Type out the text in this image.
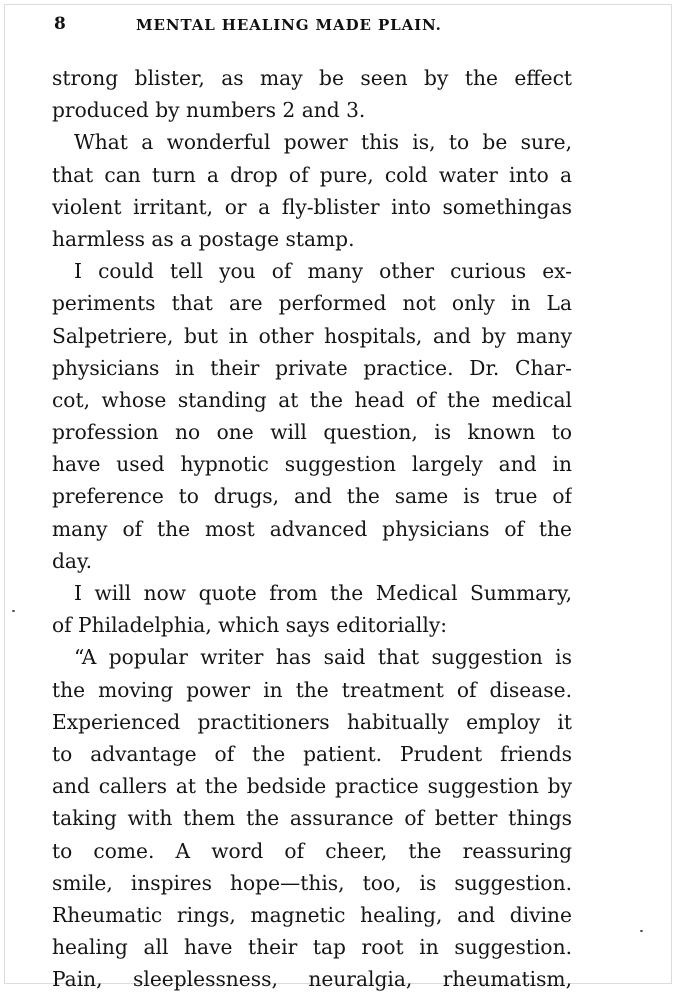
8	MENTAL HEALING MADE PLAIN.
strong blister, as may be seen by the effect
produced by numbers 2 and 3.
What a wonderful power this is, to be sure,
that can turn a drop of pure, cold water into a
violent irritant, or a fly-blister into somethingas
harmless as a postage stamp.
I could tell you of many other curious ex-
periments that are performed not only in La
Salpetriere, but in other hospitals, and by many
physicians in their private practice. Dr. Char-
cot, whose standing at the head of the medical
profession no one will question, is known to
have used hypnotic suggestion largely and in
preference to drugs, and the same is true of
many of the most advanced physicians of the
day.
I will now quote from the Medical Summary,
of Philadelphia, which says editorially:
“A popular writer has said that suggestion is
the moving power in the treatment of disease.
Experienced practitioners habitually employ it
to advantage of the patient. Prudent friends
and callers at the bedside practice suggestion by
taking with them the assurance of better things
to come. A word of cheer, the reassuring
smile, inspires hope—this, too, is suggestion.
Rheumatic rings, magnetic healing, and divine
healing all have their tap root in suggestion.
Pain, sleeplessness, neuralgia, rheumatism,
